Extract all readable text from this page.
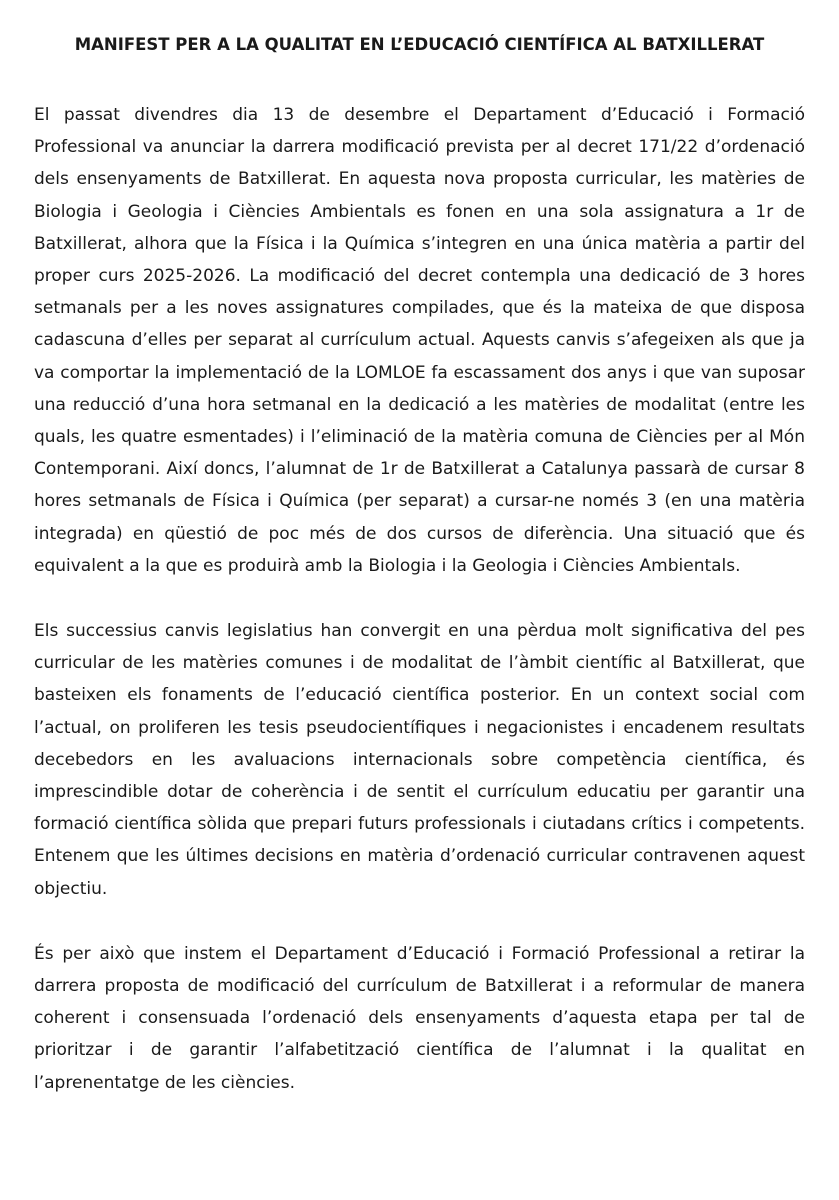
MANIFEST PER A LA QUALITAT EN L’EDUCACIÓ CIENTÍFICA AL BATXILLERAT

El passat divendres dia 13 de desembre el Departament d’Educació i Formació Professional va anunciar la darrera modificació prevista per al decret 171/22 d’ordenació dels ensenyaments de Batxillerat. En aquesta nova proposta curricular, les matèries de Biologia i Geologia i Ciències Ambientals es fonen en una sola assignatura a 1r de Batxillerat, alhora que la Física i la Química s’integren en una única matèria a partir del proper curs 2025-2026. La modificació del decret contempla una dedicació de 3 hores setmanals per a les noves assignatures compilades, que és la mateixa de que disposa cadascuna d’elles per separat al currículum actual. Aquests canvis s’afegeixen als que ja va comportar la implementació de la LOMLOE fa escassament dos anys i que van suposar una reducció d’una hora setmanal en la dedicació a les matèries de modalitat (entre les quals, les quatre esmentades) i l’eliminació de la matèria comuna de Ciències per al Món Contemporani. Així doncs, l’alumnat de 1r de Batxillerat a Catalunya passarà de cursar 8 hores setmanals de Física i Química (per separat) a cursar-ne només 3 (en una matèria integrada) en qüestió de poc més de dos cursos de diferència. Una situació que és equivalent a la que es produirà amb la Biologia i la Geologia i Ciències Ambientals.

Els successius canvis legislatius han convergit en una pèrdua molt significativa del pes curricular de les matèries comunes i de modalitat de l’àmbit científic al Batxillerat, que basteixen els fonaments de l’educació científica posterior. En un context social com l’actual, on proliferen les tesis pseudocientífiques i negacionistes i encadenem resultats decebedors en les avaluacions internacionals sobre competència científica, és imprescindible dotar de coherència i de sentit el currículum educatiu per garantir una formació científica sòlida que prepari futurs professionals i ciutadans crítics i competents. Entenem que les últimes decisions en matèria d’ordenació curricular contravenen aquest objectiu.

És per això que instem el Departament d’Educació i Formació Professional a retirar la darrera proposta de modificació del currículum de Batxillerat i a reformular de manera coherent i consensuada l’ordenació dels ensenyaments d’aquesta etapa per tal de prioritzar i de garantir l’alfabetització científica de l’alumnat i la qualitat en l’aprenentatge de les ciències.
